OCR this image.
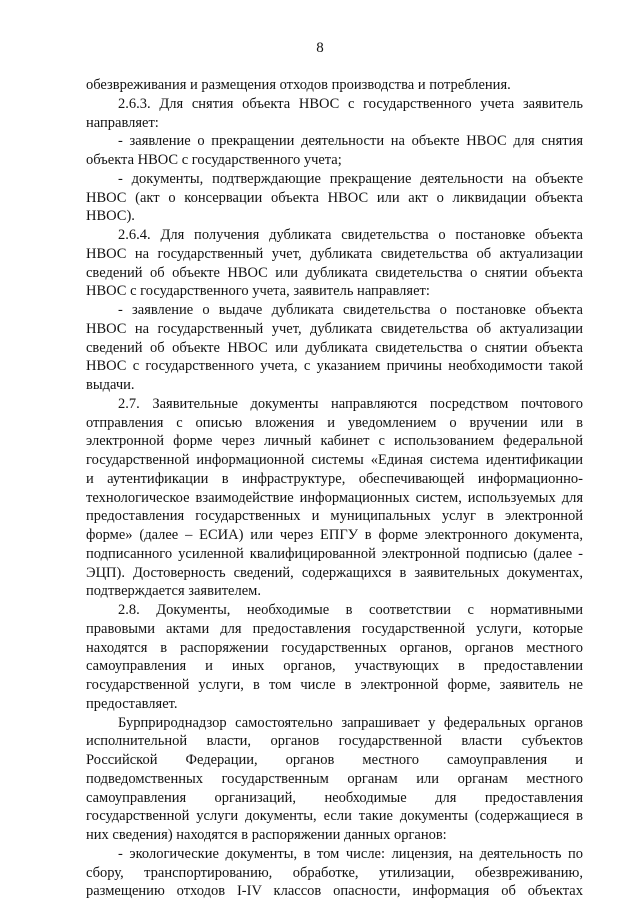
8

обезвреживания и размещения отходов производства и потребления.

2.6.3. Для снятия объекта НВОС с государственного учета заявитель

направляет:

- заявление о прекращении деятельности на объекте НВОС для снятия

объекта НВОС с государственного учета;

- документы, подтверждающие прекращение деятельности на объекте

НВОС (акт о консервации объекта НВОС или акт о ликвидации объекта

НВОС).

2.6.4. Для получения дубликата свидетельства о постановке объекта

НВОС на государственный учет, дубликата свидетельства об актуализации

сведений об объекте НВОС или дубликата свидетельства о снятии объекта

НВОС с государственного учета, заявитель направляет:

- заявление о выдаче дубликата свидетельства о постановке объекта

НВОС на государственный учет, дубликата свидетельства об актуализации

сведений об объекте НВОС или дубликата свидетельства о снятии объекта

НВОС с государственного учета, с указанием причины необходимости такой

выдачи.

2.7. Заявительные документы направляются посредством почтового

отправления с описью вложения и уведомлением о вручении или в

электронной форме через личный кабинет с использованием федеральной

государственной информационной системы «Единая система идентификации

и аутентификации в инфраструктуре, обеспечивающей информационно-

технологическое взаимодействие информационных систем, используемых для

предоставления государственных и муниципальных услуг в электронной

форме» (далее – ЕСИА) или через ЕПГУ в форме электронного документа,

подписанного усиленной квалифицированной электронной подписью (далее -

ЭЦП). Достоверность сведений, содержащихся в заявительных документах,

подтверждается заявителем.

2.8. Документы, необходимые в соответствии с нормативными

правовыми актами для предоставления государственной услуги, которые

находятся в распоряжении государственных органов, органов местного

самоуправления и иных органов, участвующих в предоставлении

государственной услуги, в том числе в электронной форме, заявитель не

предоставляет.

Бурприроднадзор самостоятельно запрашивает у федеральных органов

исполнительной власти, органов государственной власти субъектов

Российской Федерации, органов местного самоуправления и

подведомственных государственным органам или органам местного

самоуправления организаций, необходимые для предоставления

государственной услуги документы, если такие документы (содержащиеся в

них сведения) находятся в распоряжении данных органов:

- экологические документы, в том числе: лицензия, на деятельность по

сбору, транспортированию, обработке, утилизации, обезвреживанию,

размещению отходов I-IV классов опасности, информация об объектах
